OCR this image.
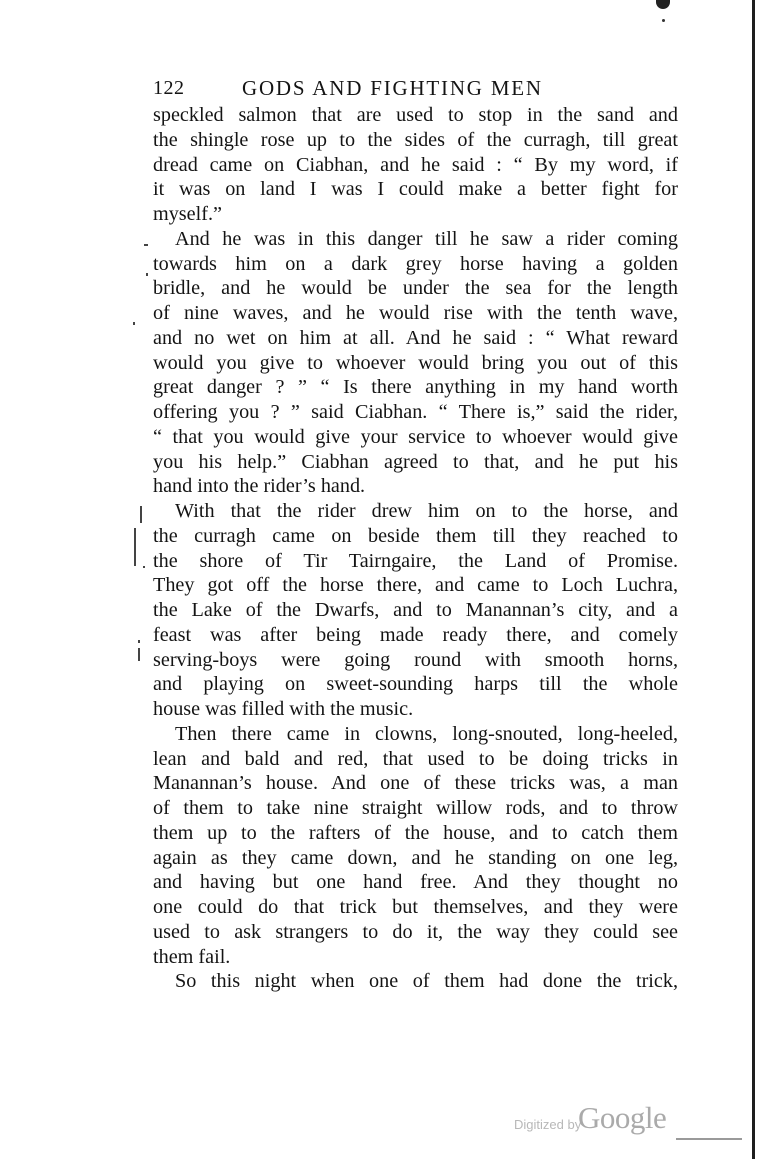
122	GODS AND FIGHTING MEN
speckled salmon that are used to stop in the sand and
the shingle rose up to the sides of the curragh, till great
dread came on Ciabhan, and he said : “ By my word, if
it was on land I was I could make a better fight for
myself.”
And he was in this danger till he saw a rider coming
towards him on a dark grey horse having a golden
bridle, and he would be under the sea for the length
of nine waves, and he would rise with the tenth wave,
and no wet on him at all. And he said : “ What reward
would you give to whoever would bring you out of this
great danger ? ” “ Is there anything in my hand worth
offering you ? ” said Ciabhan. “ There is,” said the rider,
“ that you would give your service to whoever would give
you his help.” Ciabhan agreed to that, and he put his
hand into the rider’s hand.
With that the rider drew him on to the horse, and
the curragh came on beside them till they reached to
the shore of Tir Tairngaire, the Land of Promise.
They got off the horse there, and came to Loch Luchra,
the Lake of the Dwarfs, and to Manannan’s city, and a
feast was after being made ready there, and comely
serving-boys were going round with smooth horns,
and playing on sweet-sounding harps till the whole
house was filled with the music.
Then there came in clowns, long-snouted, long-heeled,
lean and bald and red, that used to be doing tricks in
Manannan’s house. And one of these tricks was, a man
of them to take nine straight willow rods, and to throw
them up to the rafters of the house, and to catch them
again as they came down, and he standing on one leg,
and having but one hand free. And they thought no
one could do that trick but themselves, and they were
used to ask strangers to do it, the way they could see
them fail.
So this night when one of them had done the trick,
Digitized by
Google
